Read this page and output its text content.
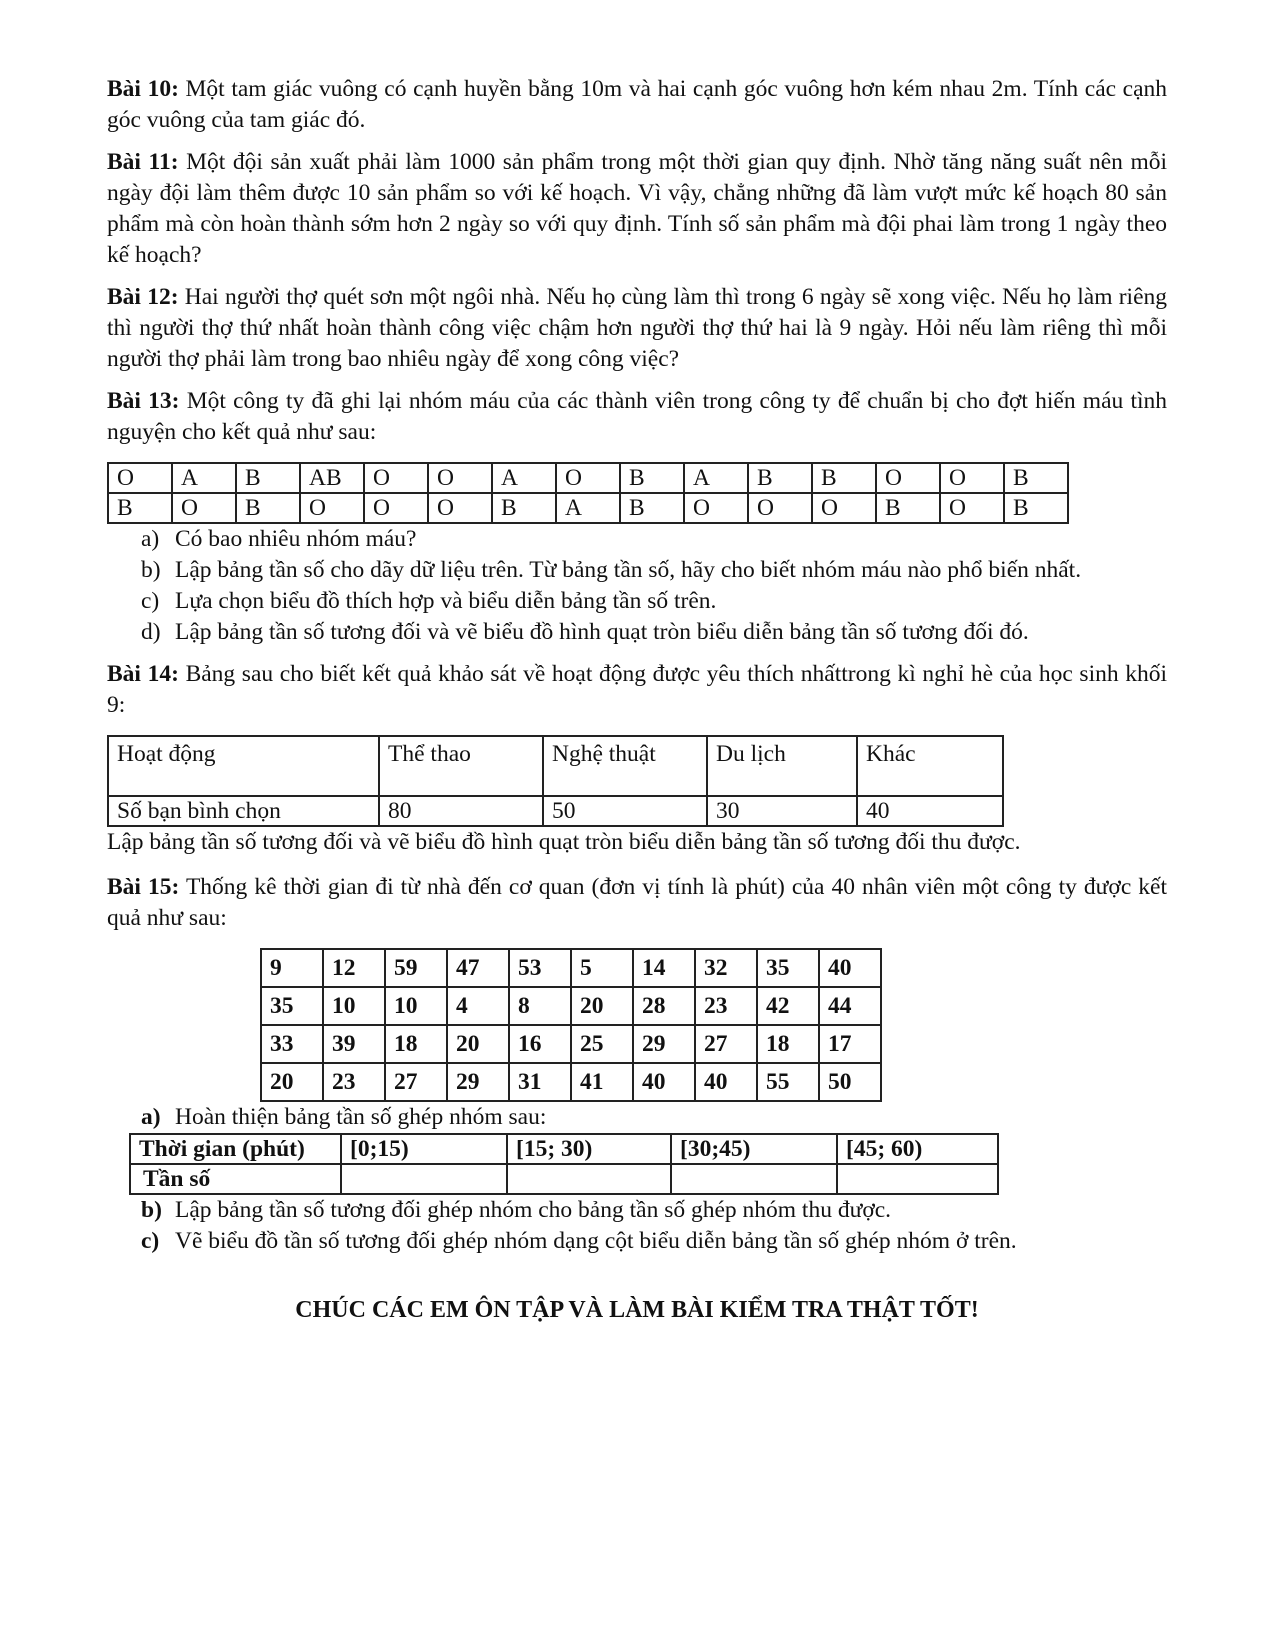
Bài 10: Một tam giác vuông có cạnh huyền bằng 10m và hai cạnh góc vuông hơn kém nhau 2m. Tính các cạnh góc vuông của tam giác đó.

Bài 11: Một đội sản xuất phải làm 1000 sản phẩm trong một thời gian quy định. Nhờ tăng năng suất nên mỗi ngày đội làm thêm được 10 sản phẩm so với kế hoạch. Vì vậy, chẳng những đã làm vượt mức kế hoạch 80 sản phẩm mà còn hoàn thành sớm hơn 2 ngày so với quy định. Tính số sản phẩm mà đội phai làm trong 1 ngày theo kế hoạch?

Bài 12: Hai người thợ quét sơn một ngôi nhà. Nếu họ cùng làm thì trong 6 ngày sẽ xong việc. Nếu họ làm riêng thì người thợ thứ nhất hoàn thành công việc chậm hơn người thợ thứ hai là 9 ngày. Hỏi nếu làm riêng thì mỗi người thợ phải làm trong bao nhiêu ngày để xong công việc?

Bài 13: Một công ty đã ghi lại nhóm máu của các thành viên trong công ty để chuẩn bị cho đợt hiến máu tình nguyện cho kết quả như sau:

O	A	B	AB	O	O	A	O	B	A	B	B	O	O	B
B	O	B	O	O	O	B	A	B	O	O	O	B	O	B

a) Có bao nhiêu nhóm máu?

b) Lập bảng tần số cho dãy dữ liệu trên. Từ bảng tần số, hãy cho biết nhóm máu nào phổ biến nhất.

c) Lựa chọn biểu đồ thích hợp và biểu diễn bảng tần số trên.

d) Lập bảng tần số tương đối và vẽ biểu đồ hình quạt tròn biểu diễn bảng tần số tương đối đó.

Bài 14: Bảng sau cho biết kết quả khảo sát về hoạt động được yêu thích nhấttrong kì nghỉ hè của học sinh khối 9:

Hoạt động	Thể thao	Nghệ thuật	Du lịch	Khác
Số bạn bình chọn	80	50	30	40

Lập bảng tần số tương đối và vẽ biểu đồ hình quạt tròn biểu diễn bảng tần số tương đối thu được.

Bài 15: Thống kê thời gian đi từ nhà đến cơ quan (đơn vị tính là phút) của 40 nhân viên một công ty được kết quả như sau:

9	12	59	47	53	5	14	32	35	40
35	10	10	4	8	20	28	23	42	44
33	39	18	20	16	25	29	27	18	17
20	23	27	29	31	41	40	40	55	50

a) Hoàn thiện bảng tần số ghép nhóm sau:

Thời gian (phút)	[0;15)	[15; 30)	[30;45)	[45; 60)
Tần số				

b) Lập bảng tần số tương đối ghép nhóm cho bảng tần số ghép nhóm thu được.

c) Vẽ biểu đồ tần số tương đối ghép nhóm dạng cột biểu diễn bảng tần số ghép nhóm ở trên.

CHÚC CÁC EM ÔN TẬP VÀ LÀM BÀI KIỂM TRA THẬT TỐT!
